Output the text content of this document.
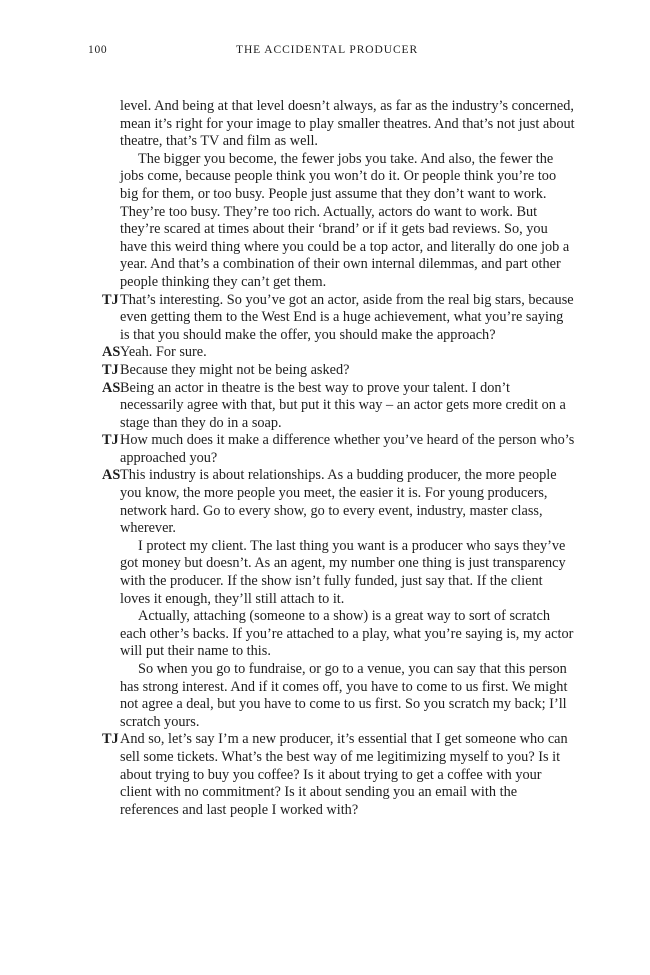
100	THE ACCIDENTAL PRODUCER

level. And being at that level doesn’t always, as far as the industry’s concerned, mean it’s right for your image to play smaller theatres. And that’s not just about theatre, that’s TV and film as well.

The bigger you become, the fewer jobs you take. And also, the fewer the jobs come, because people think you won’t do it. Or people think you’re too big for them, or too busy. People just assume that they don’t want to work. They’re too busy. They’re too rich. Actually, actors do want to work. But they’re scared at times about their ‘brand’ or if it gets bad reviews. So, you have this weird thing where you could be a top actor, and literally do one job a year. And that’s a combination of their own internal dilemmas, and part other people thinking they can’t get them.

TJ That’s interesting. So you’ve got an actor, aside from the real big stars, because even getting them to the West End is a huge achievement, what you’re saying is that you should make the offer, you should make the approach?

AS Yeah. For sure.

TJ Because they might not be being asked?

AS Being an actor in theatre is the best way to prove your talent. I don’t necessarily agree with that, but put it this way – an actor gets more credit on a stage than they do in a soap.

TJ How much does it make a difference whether you’ve heard of the person who’s approached you?

AS This industry is about relationships. As a budding producer, the more people you know, the more people you meet, the easier it is. For young producers, network hard. Go to every show, go to every event, industry, master class, wherever.

I protect my client. The last thing you want is a producer who says they’ve got money but doesn’t. As an agent, my number one thing is just transparency with the producer. If the show isn’t fully funded, just say that. If the client loves it enough, they’ll still attach to it.

Actually, attaching (someone to a show) is a great way to sort of scratch each other’s backs. If you’re attached to a play, what you’re saying is, my actor will put their name to this.

So when you go to fundraise, or go to a venue, you can say that this person has strong interest. And if it comes off, you have to come to us first. We might not agree a deal, but you have to come to us first. So you scratch my back; I’ll scratch yours.

TJ And so, let’s say I’m a new producer, it’s essential that I get someone who can sell some tickets. What’s the best way of me legitimizing myself to you? Is it about trying to buy you coffee? Is it about trying to get a coffee with your client with no commitment? Is it about sending you an email with the references and last people I worked with?
